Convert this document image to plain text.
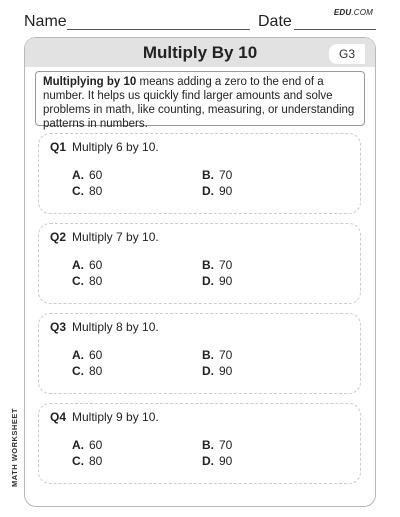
Name	Date
EDU.COM
Multiply By 10	G3
Multiplying by 10 means adding a zero to the end of a number. It helps us quickly find larger amounts and solve problems in math, like counting, measuring, or understanding patterns in numbers.
Q1 Multiply 6 by 10.
A. 60	B. 70
C. 80	D. 90
Q2 Multiply 7 by 10.
A. 60	B. 70
C. 80	D. 90
Q3 Multiply 8 by 10.
A. 60	B. 70
C. 80	D. 90
Q4 Multiply 9 by 10.
A. 60	B. 70
C. 80	D. 90
MATH WORKSHEET
